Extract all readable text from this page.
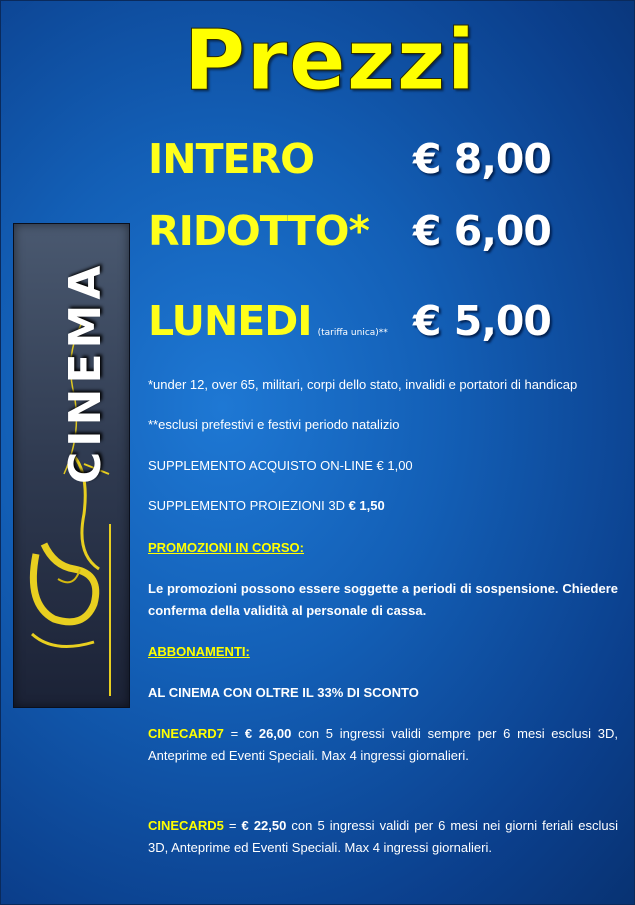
Prezzi
INTERO € 8,00
RIDOTTO* € 6,00
LUNEDI (tariffa unica)** € 5,00
CINEMA	*under 12, over 65, militari, corpi dello stato, invalidi e portatori di handicap
**esclusi prefestivi e festivi periodo natalizio
SUPPLEMENTO ACQUISTO ON-LINE € 1,00
SUPPLEMENTO PROIEZIONI 3D € 1,50
PROMOZIONI IN CORSO:
Le promozioni possono essere soggette a periodi di sospensione. Chiedere conferma della validità al personale di cassa.
ABBONAMENTI:
AL CINEMA CON OLTRE IL 33% DI SCONTO
CINECARD7 = € 26,00 con 5 ingressi validi sempre per 6 mesi esclusi 3D, Anteprime ed Eventi Speciali. Max 4 ingressi giornalieri.
CINECARD5 = € 22,50 con 5 ingressi validi per 6 mesi nei giorni feriali esclusi 3D, Anteprime ed Eventi Speciali. Max 4 ingressi giornalieri.
